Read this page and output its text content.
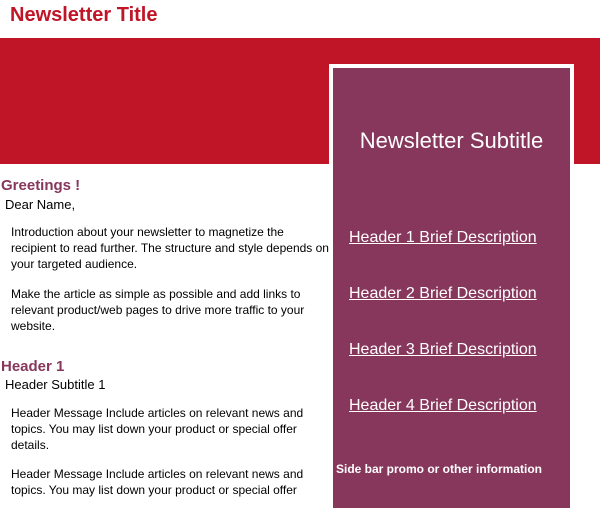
Newsletter Title
Greetings !
Dear Name,
Introduction about your newsletter to magnetize the recipient to read further. The structure and style depends on your targeted audience.
Make the article as simple as possible and add links to relevant product/web pages to drive more traffic to your website.
Header 1
Header Subtitle 1
Header Message Include articles on relevant news and topics. You may list down your product or special offer details.
Header Message Include articles on relevant news and topics. You may list down your product or special offer
Newsletter Subtitle
Header 1 Brief Description
Header 2 Brief Description
Header 3 Brief Description
Header 4 Brief Description
Side bar promo or other information
